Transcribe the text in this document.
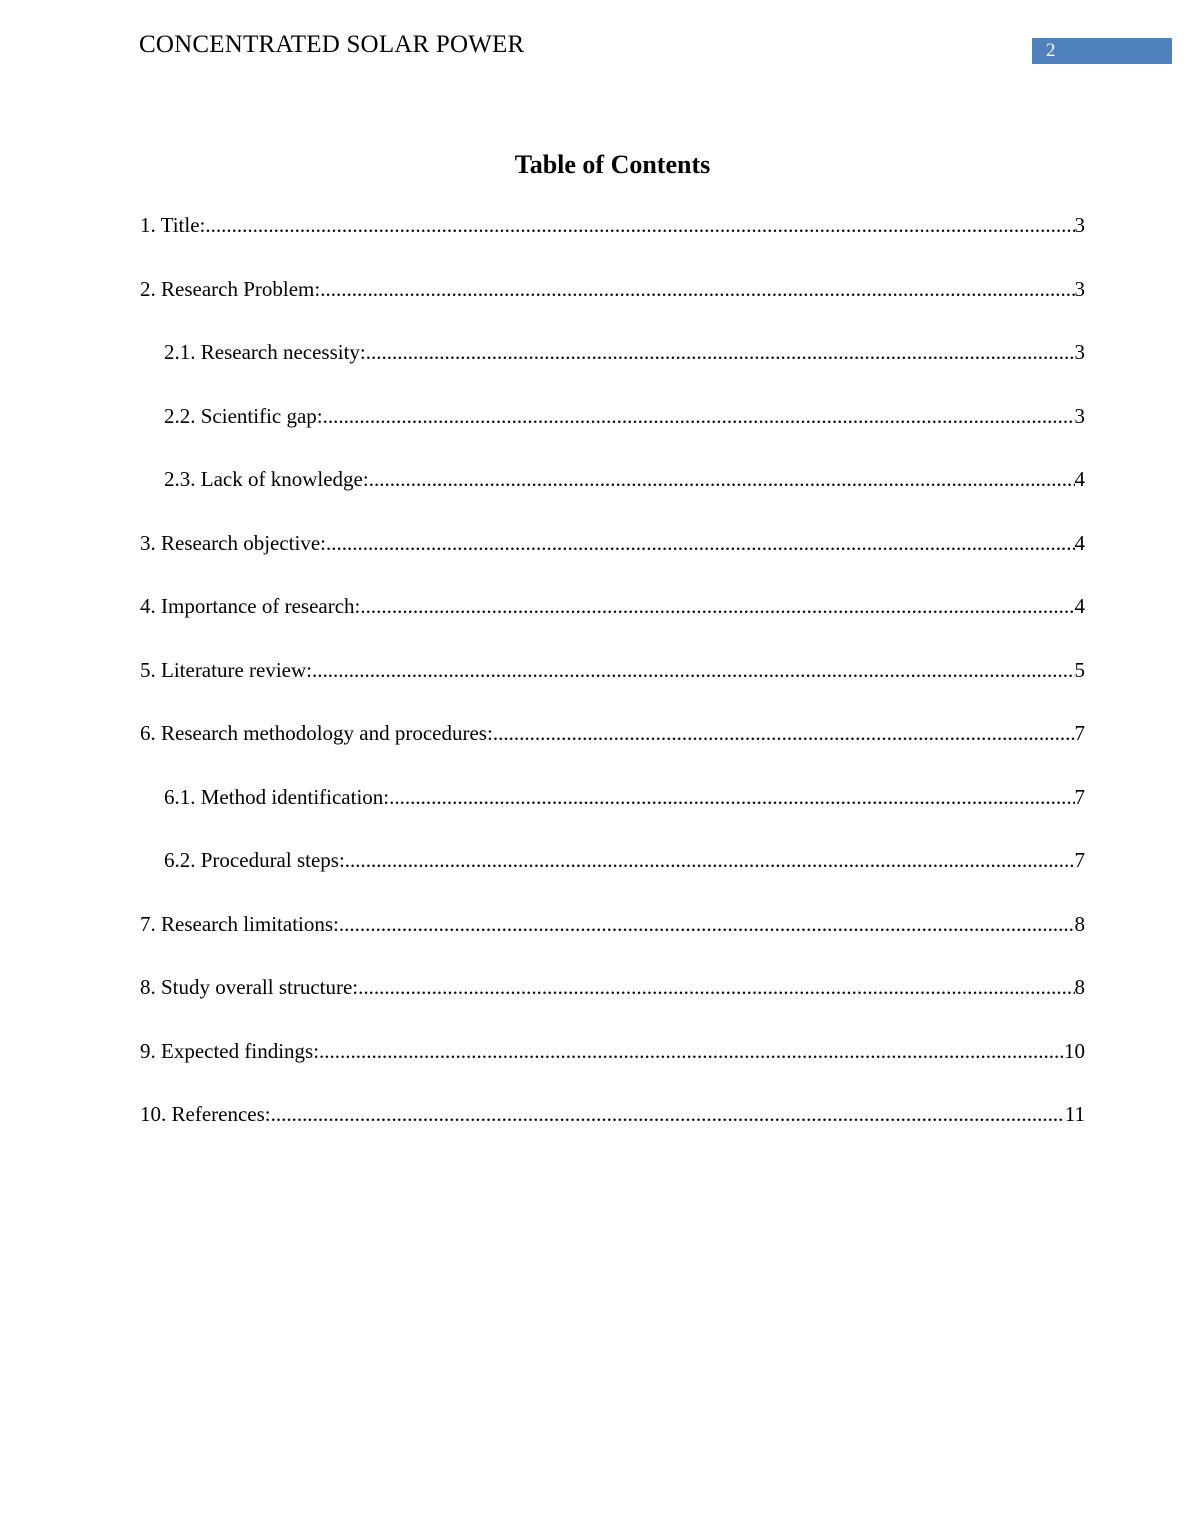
CONCENTRATED SOLAR POWER	2
Table of Contents
1. Title: .....	3
2. Research Problem: .....	3
2.1. Research necessity: .....	3
2.2. Scientific gap: .....	3
2.3. Lack of knowledge: .....	4
3. Research objective: .....	4
4. Importance of research: .....	4
5. Literature review: .....	5
6. Research methodology and procedures: .....	7
6.1. Method identification: .....	7
6.2. Procedural steps: .....	7
7. Research limitations: .....	8
8. Study overall structure: .....	8
9. Expected findings: .....	10
10. References: .....	11
